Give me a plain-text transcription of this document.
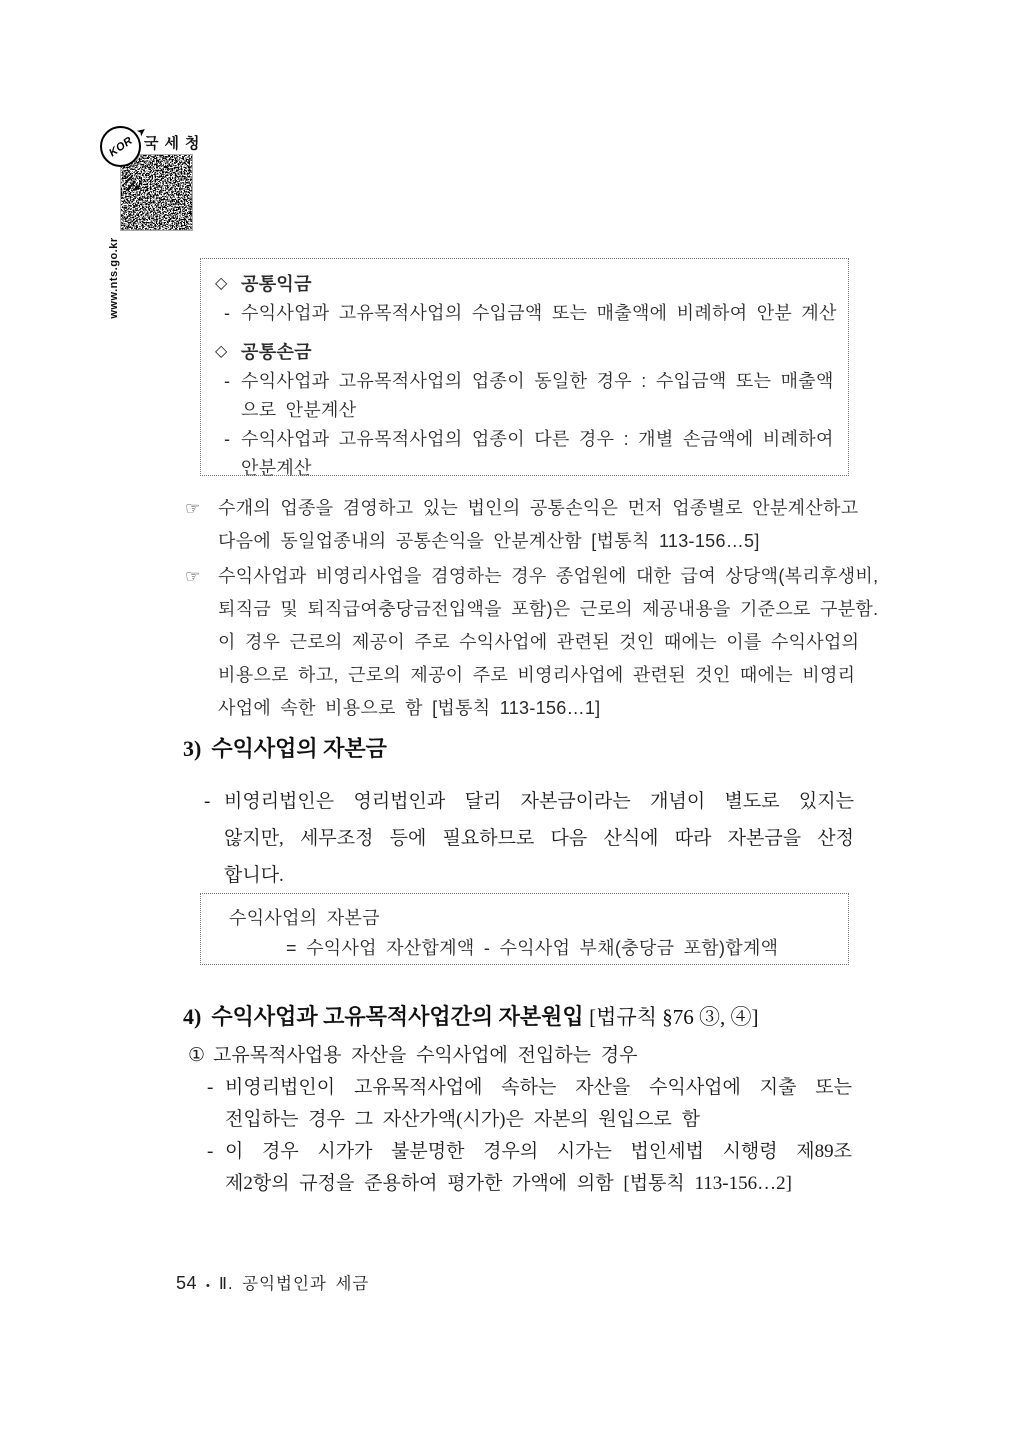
www.nts.go.kr
KOR
➤
국세청
◇ 공통익금
- 수익사업과 고유목적사업의 수입금액 또는 매출액에 비례하여 안분 계산
◇ 공통손금
- 수익사업과 고유목적사업의 업종이 동일한 경우 : 수입금액 또는 매출액
으로 안분계산
- 수익사업과 고유목적사업의 업종이 다른 경우 : 개별 손금액에 비례하여
안분계산
☞ 수개의 업종을 겸영하고 있는 법인의 공통손익은 먼저 업종별로 안분계산하고
다음에 동일업종내의 공통손익을 안분계산함 [법통칙 113-156…5]
☞ 수익사업과 비영리사업을 겸영하는 경우 종업원에 대한 급여 상당액(복리후생비,
퇴직금 및 퇴직급여충당금전입액을 포함)은 근로의 제공내용을 기준으로 구분함.
이 경우 근로의 제공이 주로 수익사업에 관련된 것인 때에는 이를 수익사업의
비용으로 하고, 근로의 제공이 주로 비영리사업에 관련된 것인 때에는 비영리
사업에 속한 비용으로 함 [법통칙 113-156…1]
3) 수익사업의 자본금
- 비영리법인은 영리법인과 달리 자본금이라는 개념이 별도로 있지는
않지만, 세무조정 등에 필요하므로 다음 산식에 따라 자본금을 산정
합니다.
수익사업의 자본금
= 수익사업 자산합계액 - 수익사업 부채(충당금 포함)합계액
4) 수익사업과 고유목적사업간의 자본원입 [법규칙 §76 ③, ④]
① 고유목적사업용 자산을 수익사업에 전입하는 경우
- 비영리법인이 고유목적사업에 속하는 자산을 수익사업에 지출 또는
전입하는 경우 그 자산가액(시가)은 자본의 원입으로 함
- 이 경우 시가가 불분명한 경우의 시가는 법인세법 시행령 제89조
제2항의 규정을 준용하여 평가한 가액에 의함 [법통칙 113-156…2]
54 • Ⅱ. 공익법인과 세금
